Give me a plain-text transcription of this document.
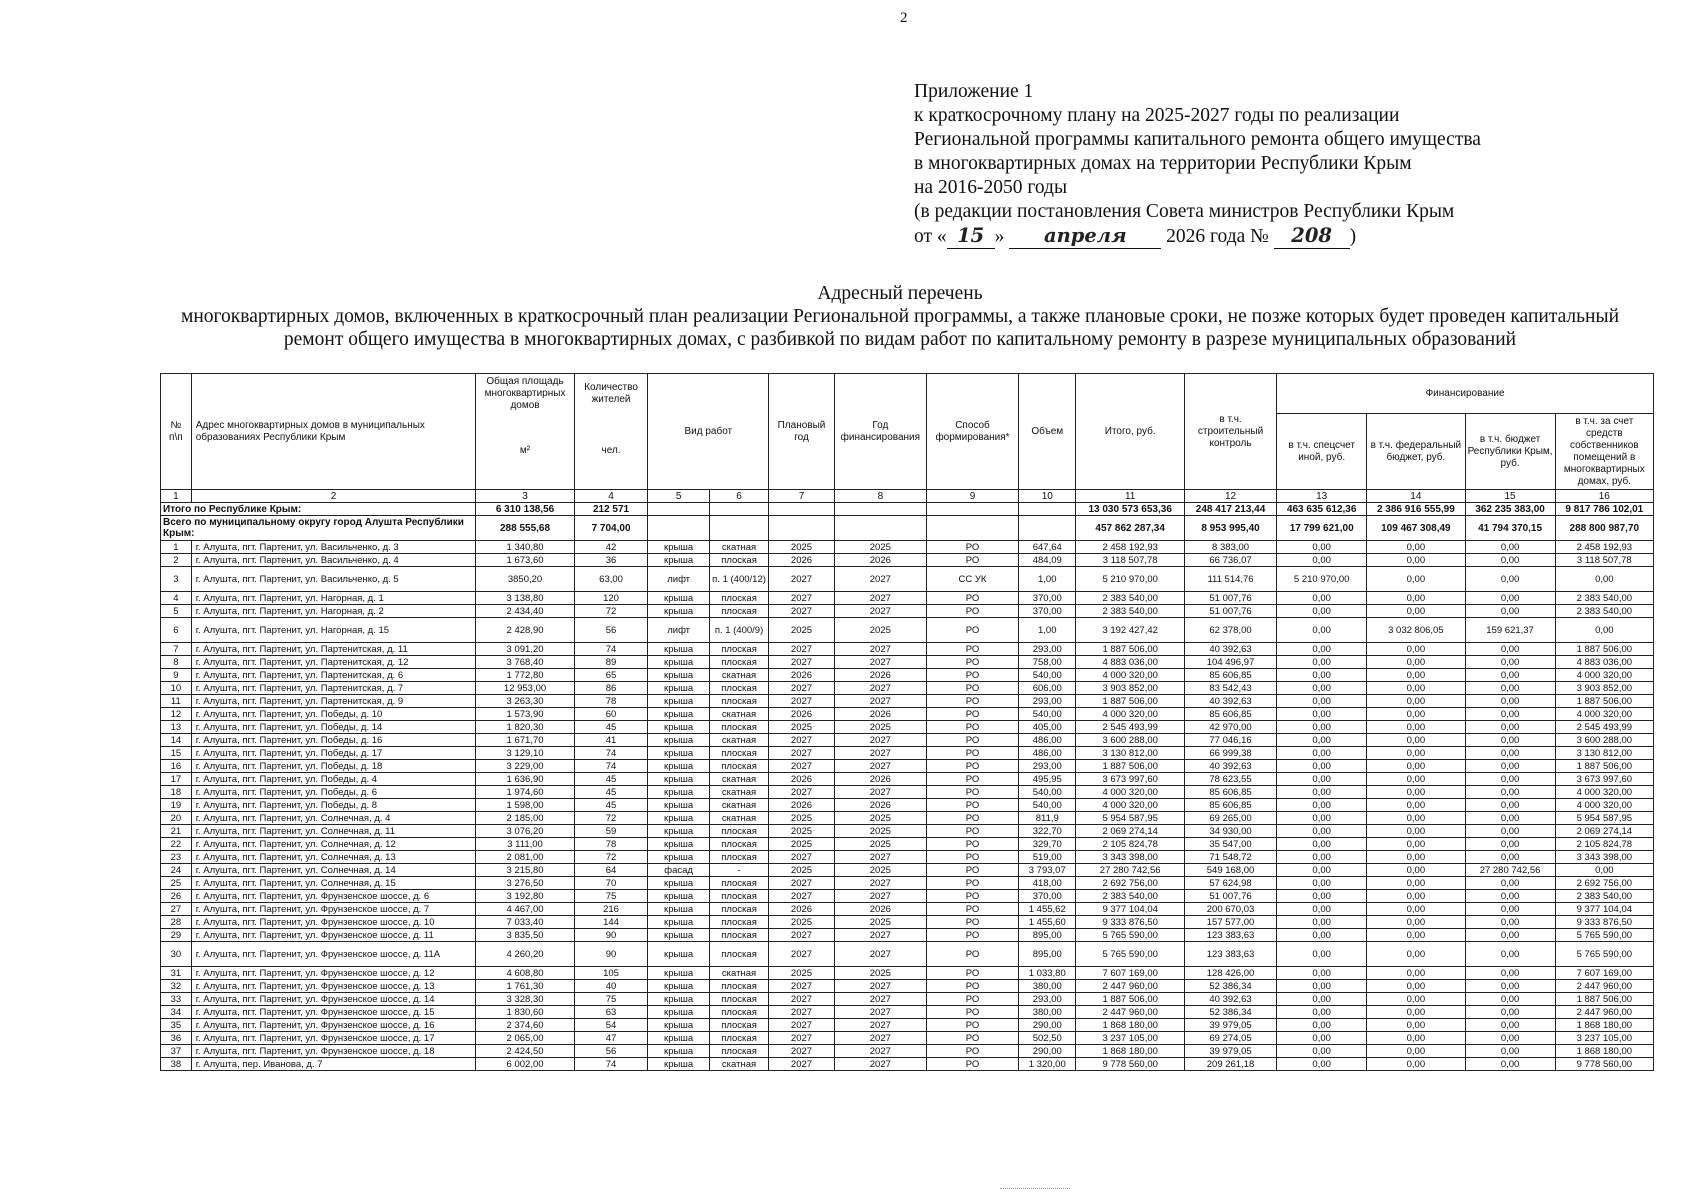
2
Приложение 1
к краткосрочному плану на 2025-2027 годы по реализации
Региональной программы капитального ремонта общего имущества
в многоквартирных домах на территории Республики Крым
на 2016-2050 годы
(в редакции постановления Совета министров Республики Крым
от « 15 » апреля 2026 года № 208 )
Адресный перечень
многоквартирных домов, включенных в краткосрочный план реализации Региональной программы, а также плановые сроки, не позже которых будет проведен капитальный
ремонт общего имущества в многоквартирных домах, с разбивкой по видам работ по капитальному ремонту в разрезе муниципальных образований
№ п\п	Адрес многоквартирных домов в муниципальных образованиях Республики Крым	Общая площадь многоквартирных домов	Количество жителей	Вид работ		Плановый год	Год финансирования	Способ формирования*	Объем	Итого, руб.	в т.ч. строительный контроль	Финансирование			
		м²	чел.									в т.ч. спецсчет иной, руб.	в т.ч. федеральный бюджет, руб.	в т.ч. бюджет Республики Крым, руб.	в т.ч. за счет средств собственников помещений в многоквартирных домах, руб.
1	2	3	4	5	6	7	8	9	10	11	12	13	14	15	16
Итого по Республике Крым:		6 310 138,56	212 571							13 030 573 653,36	248 417 213,44	463 635 612,36	2 386 916 555,99	362 235 383,00	9 817 786 102,01
Всего по муниципальному округу город Алушта Республики Крым:		288 555,68	7 704,00							457 862 287,34	8 953 995,40	17 799 621,00	109 467 308,49	41 794 370,15	288 800 987,70
1	г. Алушта, пгт. Партенит, ул. Васильченко, д. 3	1 340,80	42	крыша	скатная	2025	2025	РО	647,64	2 458 192,93	8 383,00	0,00	0,00	0,00	2 458 192,93
2	г. Алушта, пгт. Партенит, ул. Васильченко, д. 4	1 673,60	36	крыша	плоская	2026	2026	РО	484,09	3 118 507,78	66 736,07	0,00	0,00	0,00	3 118 507,78
3	г. Алушта, пгт. Партенит, ул. Васильченко, д. 5	3850,20	63,00	лифт	п. 1 (400/12)	2027	2027	СС УК	1,00	5 210 970,00	111 514,76	5 210 970,00	0,00	0,00	0,00
4	г. Алушта, пгт. Партенит, ул. Нагорная, д. 1	3 138,80	120	крыша	плоская	2027	2027	РО	370,00	2 383 540,00	51 007,76	0,00	0,00	0,00	2 383 540,00
5	г. Алушта, пгт. Партенит, ул. Нагорная, д. 2	2 434,40	72	крыша	плоская	2027	2027	РО	370,00	2 383 540,00	51 007,76	0,00	0,00	0,00	2 383 540,00
6	г. Алушта, пгт. Партенит, ул. Нагорная, д. 15	2 428,90	56	лифт	п. 1 (400/9)	2025	2025	РО	1,00	3 192 427,42	62 378,00	0,00	3 032 806,05	159 621,37	0,00
7	г. Алушта, пгт. Партенит, ул. Партенитская, д. 11	3 091,20	74	крыша	плоская	2027	2027	РО	293,00	1 887 506,00	40 392,63	0,00	0,00	0,00	1 887 506,00
8	г. Алушта, пгт. Партенит, ул. Партенитская, д. 12	3 768,40	89	крыша	плоская	2027	2027	РО	758,00	4 883 036,00	104 496,97	0,00	0,00	0,00	4 883 036,00
9	г. Алушта, пгт. Партенит, ул. Партенитская, д. 6	1 772,80	65	крыша	скатная	2026	2026	РО	540,00	4 000 320,00	85 606,85	0,00	0,00	0,00	4 000 320,00
10	г. Алушта, пгт. Партенит, ул. Партенитская, д. 7	12 953,00	86	крыша	плоская	2027	2027	РО	606,00	3 903 852,00	83 542,43	0,00	0,00	0,00	3 903 852,00
11	г. Алушта, пгт. Партенит, ул. Партенитская, д. 9	3 263,30	78	крыша	плоская	2027	2027	РО	293,00	1 887 506,00	40 392,63	0,00	0,00	0,00	1 887 506,00
12	г. Алушта, пгт. Партенит, ул. Победы, д. 10	1 573,90	60	крыша	скатная	2026	2026	РО	540,00	4 000 320,00	85 606,85	0,00	0,00	0,00	4 000 320,00
13	г. Алушта, пгт. Партенит, ул. Победы, д. 14	1 820,30	45	крыша	плоская	2025	2025	РО	405,00	2 545 493,99	42 970,00	0,00	0,00	0,00	2 545 493,99
14	г. Алушта, пгт. Партенит, ул. Победы, д. 16	1 671,70	41	крыша	скатная	2027	2027	РО	486,00	3 600 288,00	77 046,16	0,00	0,00	0,00	3 600 288,00
15	г. Алушта, пгт. Партенит, ул. Победы, д. 17	3 129,10	74	крыша	плоская	2027	2027	РО	486,00	3 130 812,00	66 999,38	0,00	0,00	0,00	3 130 812,00
16	г. Алушта, пгт. Партенит, ул. Победы, д. 18	3 229,00	74	крыша	плоская	2027	2027	РО	293,00	1 887 506,00	40 392,63	0,00	0,00	0,00	1 887 506,00
17	г. Алушта, пгт. Партенит, ул. Победы, д. 4	1 636,90	45	крыша	скатная	2026	2026	РО	495,95	3 673 997,60	78 623,55	0,00	0,00	0,00	3 673 997,60
18	г. Алушта, пгт. Партенит, ул. Победы, д. 6	1 974,60	45	крыша	скатная	2027	2027	РО	540,00	4 000 320,00	85 606,85	0,00	0,00	0,00	4 000 320,00
19	г. Алушта, пгт. Партенит, ул. Победы, д. 8	1 598,00	45	крыша	скатная	2026	2026	РО	540,00	4 000 320,00	85 606,85	0,00	0,00	0,00	4 000 320,00
20	г. Алушта, пгт. Партенит, ул. Солнечная, д. 4	2 185,00	72	крыша	скатная	2025	2025	РО	811,9	5 954 587,95	69 265,00	0,00	0,00	0,00	5 954 587,95
21	г. Алушта, пгт. Партенит, ул. Солнечная, д. 11	3 076,20	59	крыша	плоская	2025	2025	РО	322,70	2 069 274,14	34 930,00	0,00	0,00	0,00	2 069 274,14
22	г. Алушта, пгт. Партенит, ул. Солнечная, д. 12	3 111,00	78	крыша	плоская	2025	2025	РО	329,70	2 105 824,78	35 547,00	0,00	0,00	0,00	2 105 824,78
23	г. Алушта, пгт. Партенит, ул. Солнечная, д. 13	2 081,00	72	крыша	плоская	2027	2027	РО	519,00	3 343 398,00	71 548,72	0,00	0,00	0,00	3 343 398,00
24	г. Алушта, пгт. Партенит, ул. Солнечная, д. 14	3 215,80	64	фасад	-	2025	2025	РО	3 793,07	27 280 742,56	549 168,00	0,00	0,00	27 280 742,56	0,00
25	г. Алушта, пгт. Партенит, ул. Солнечная, д. 15	3 276,50	70	крыша	плоская	2027	2027	РО	418,00	2 692 756,00	57 624,98	0,00	0,00	0,00	2 692 756,00
26	г. Алушта, пгт. Партенит, ул. Фрунзенское шоссе, д. 6	3 192,80	75	крыша	плоская	2027	2027	РО	370,00	2 383 540,00	51 007,76	0,00	0,00	0,00	2 383 540,00
27	г. Алушта, пгт. Партенит, ул. Фрунзенское шоссе, д. 7	4 467,00	216	крыша	плоская	2026	2026	РО	1 455,62	9 377 104,04	200 670,03	0,00	0,00	0,00	9 377 104,04
28	г. Алушта, пгт. Партенит, ул. Фрунзенское шоссе, д. 10	7 033,40	144	крыша	плоская	2025	2025	РО	1 455,60	9 333 876,50	157 577,00	0,00	0,00	0,00	9 333 876,50
29	г. Алушта, пгт. Партенит, ул. Фрунзенское шоссе, д. 11	3 835,50	90	крыша	плоская	2027	2027	РО	895,00	5 765 590,00	123 383,63	0,00	0,00	0,00	5 765 590,00
30	г. Алушта, пгт. Партенит, ул. Фрунзенское шоссе, д. 11А	4 260,20	90	крыша	плоская	2027	2027	РО	895,00	5 765 590,00	123 383,63	0,00	0,00	0,00	5 765 590,00
31	г. Алушта, пгт. Партенит, ул. Фрунзенское шоссе, д. 12	4 608,80	105	крыша	скатная	2025	2025	РО	1 033,80	7 607 169,00	128 426,00	0,00	0,00	0,00	7 607 169,00
32	г. Алушта, пгт. Партенит, ул. Фрунзенское шоссе, д. 13	1 761,30	40	крыша	плоская	2027	2027	РО	380,00	2 447 960,00	52 386,34	0,00	0,00	0,00	2 447 960,00
33	г. Алушта, пгт. Партенит, ул. Фрунзенское шоссе, д. 14	3 328,30	75	крыша	плоская	2027	2027	РО	293,00	1 887 506,00	40 392,63	0,00	0,00	0,00	1 887 506,00
34	г. Алушта, пгт. Партенит, ул. Фрунзенское шоссе, д. 15	1 830,60	63	крыша	плоская	2027	2027	РО	380,00	2 447 960,00	52 386,34	0,00	0,00	0,00	2 447 960,00
35	г. Алушта, пгт. Партенит, ул. Фрунзенское шоссе, д. 16	2 374,60	54	крыша	плоская	2027	2027	РО	290,00	1 868 180,00	39 979,05	0,00	0,00	0,00	1 868 180,00
36	г. Алушта, пгт. Партенит, ул. Фрунзенское шоссе, д. 17	2 065,00	47	крыша	плоская	2027	2027	РО	502,50	3 237 105,00	69 274,05	0,00	0,00	0,00	3 237 105,00
37	г. Алушта, пгт. Партенит, ул. Фрунзенское шоссе, д. 18	2 424,50	56	крыша	плоская	2027	2027	РО	290,00	1 868 180,00	39 979,05	0,00	0,00	0,00	1 868 180,00
38	г. Алушта, пер. Иванова, д. 7	6 002,00	74	крыша	скатная	2027	2027	РО	1 320,00	9 778 560,00	209 261,18	0,00	0,00	0,00	9 778 560,00
